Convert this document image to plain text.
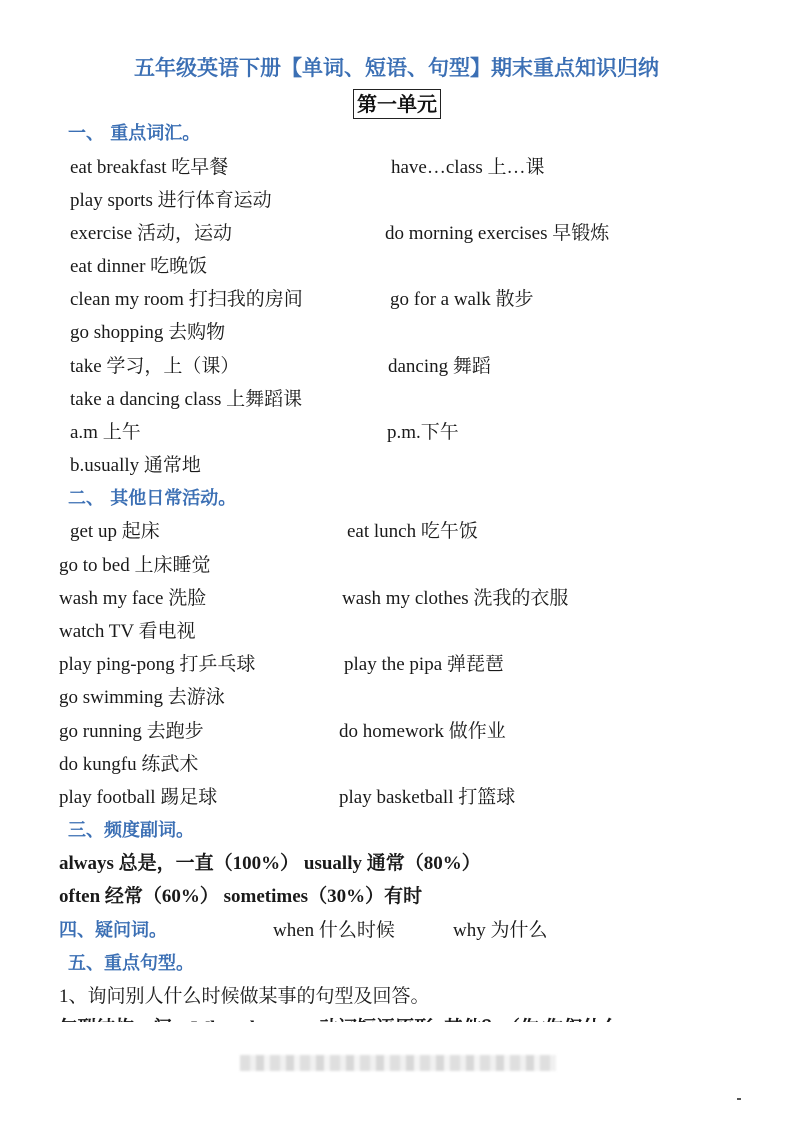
五年级英语下册【单词、短语、句型】期末重点知识归纳
第一单元
一、 重点词汇。
eat breakfast 吃早餐	have…class 上…课
play sports 进行体育运动
exercise 活动，运动	do morning exercises 早锻炼
eat dinner 吃晚饭
clean my room 打扫我的房间	go for a walk 散步
go shopping 去购物
take 学习，上（课）	dancing 舞蹈
take a dancing class 上舞蹈课
a.m 上午	p.m.下午
b.usually 通常地
二、 其他日常活动。
get up 起床	eat lunch 吃午饭
go to bed 上床睡觉
wash my face 洗脸	wash my clothes 洗我的衣服
watch TV 看电视
play ping-pong 打乒乓球	play the pipa 弹琵琶
go swimming 去游泳
go running 去跑步	do homework 做作业
do kungfu 练武术
play football 踢足球	play basketball 打篮球
三、频度副词。
always 总是，一直（100%） usually 通常（80%）
often 经常（60%） sometimes（30%）有时
四、疑问词。	when 什么时候	why 为什么
五、重点句型。
1、询问别人什么时候做某事的句型及回答。
